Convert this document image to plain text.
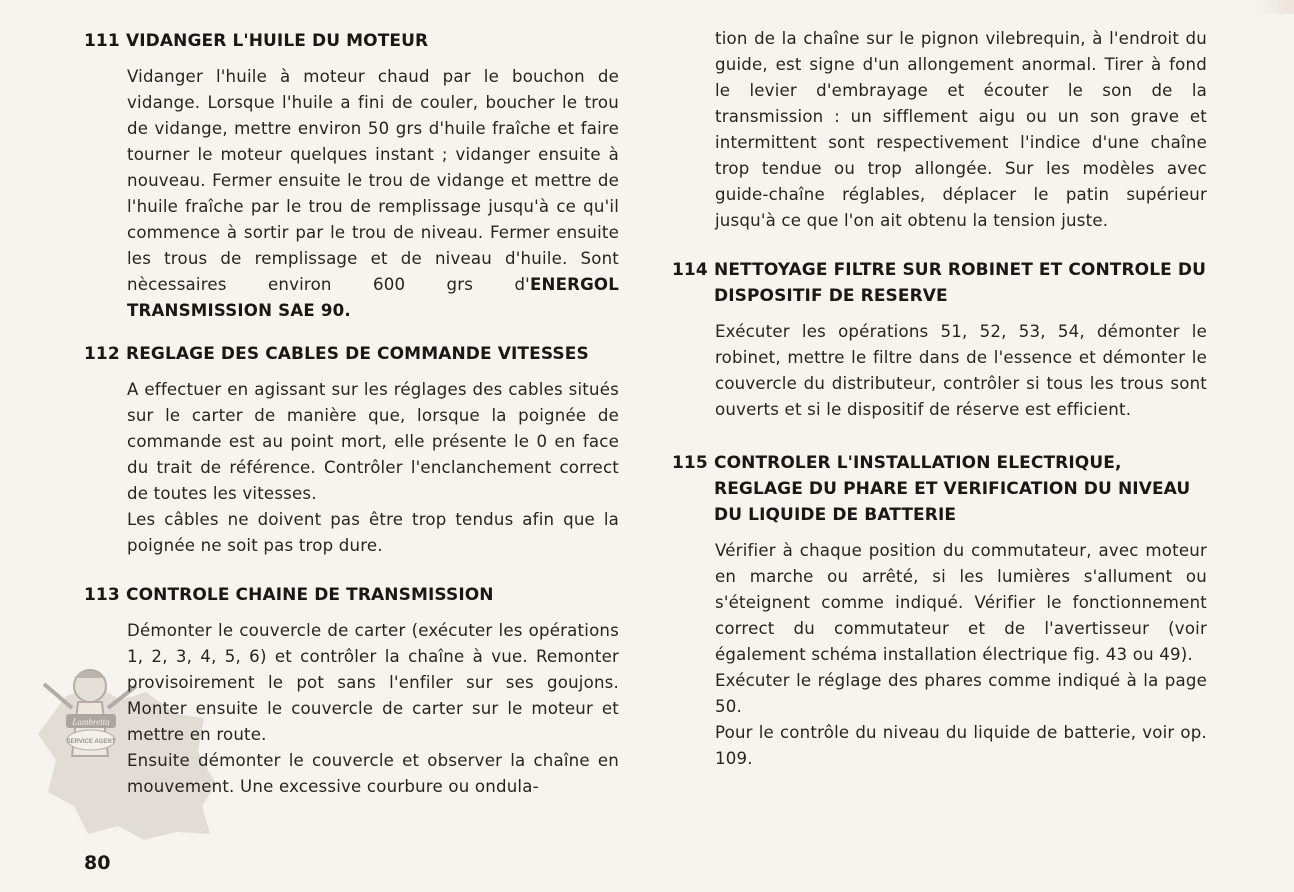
Lambretta
SERVICE AGENT
111 VIDANGER L'HUILE DU MOTEUR

Vidanger l'huile à moteur chaud par le bouchon de vidange. Lorsque l'huile a fini de couler, boucher le trou de vidange, mettre environ 50 grs d'huile fraîche et faire tourner le moteur quelques instant ; vidanger ensuite à nouveau. Fermer ensuite le trou de vidange et mettre de l'huile fraîche par le trou de remplissage jusqu'à ce qu'il commence à sortir par le trou de niveau. Fermer ensuite les trous de remplissage et de niveau d'huile. Sont nècessaires environ 600 grs d'ENERGOL TRANSMISSION SAE 90.

112 REGLAGE DES CABLES DE COMMANDE VITESSES

A effectuer en agissant sur les réglages des cables situés sur le carter de manière que, lorsque la poignée de commande est au point mort, elle présente le 0 en face du trait de référence. Contrôler l'enclanchement correct de toutes les vitesses.

Les câbles ne doivent pas être trop tendus afin que la poignée ne soit pas trop dure.

113 CONTROLE CHAINE DE TRANSMISSION

Démonter le couvercle de carter (exécuter les opérations 1, 2, 3, 4, 5, 6) et contrôler la chaîne à vue. Remonter provisoirement le pot sans l'enfiler sur ses goujons. Monter ensuite le couvercle de carter sur le moteur et mettre en route.

Ensuite démonter le couvercle et observer la chaîne en mouvement. Une excessive courbure ou ondula-

tion de la chaîne sur le pignon vilebrequin, à l'endroit du guide, est signe d'un allongement anormal. Tirer à fond le levier d'embrayage et écouter le son de la transmission : un sifflement aigu ou un son grave et intermittent sont respectivement l'indice d'une chaîne trop tendue ou trop allongée. Sur les modèles avec guide-chaîne réglables, déplacer le patin supérieur jusqu'à ce que l'on ait obtenu la tension juste.

114 NETTOYAGE FILTRE SUR ROBINET ET CONTROLE DU DISPOSITIF DE RESERVE

Exécuter les opérations 51, 52, 53, 54, démonter le robinet, mettre le filtre dans de l'essence et démonter le couvercle du distributeur, contrôler si tous les trous sont ouverts et si le dispositif de réserve est efficient.

115 CONTROLER L'INSTALLATION ELECTRIQUE, REGLAGE DU PHARE ET VERIFICATION DU NIVEAU DU LIQUIDE DE BATTERIE

Vérifier à chaque position du commutateur, avec moteur en marche ou arrêté, si les lumières s'allument ou s'éteignent comme indiqué. Vérifier le fonctionnement correct du commutateur et de l'avertisseur (voir également schéma installation électrique fig. 43 ou 49).

Exécuter le réglage des phares comme indiqué à la page 50.

Pour le contrôle du niveau du liquide de batterie, voir op. 109.

80
